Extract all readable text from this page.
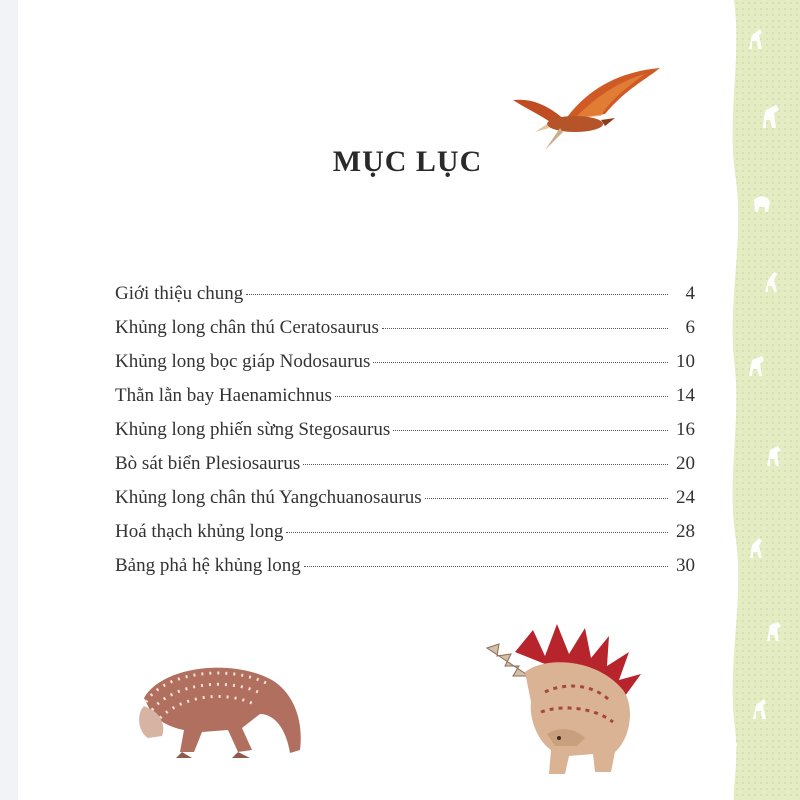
MỤC LỤC
Giới thiệu chung	4
Khủng long chân thú Ceratosaurus	6
Khủng long bọc giáp Nodosaurus	10
Thằn lằn bay Haenamichnus	14
Khủng long phiến sừng Stegosaurus	16
Bò sát biển Plesiosaurus	20
Khủng long chân thú Yangchuanosaurus	24
Hoá thạch khủng long	28
Bảng phả hệ khủng long	30
